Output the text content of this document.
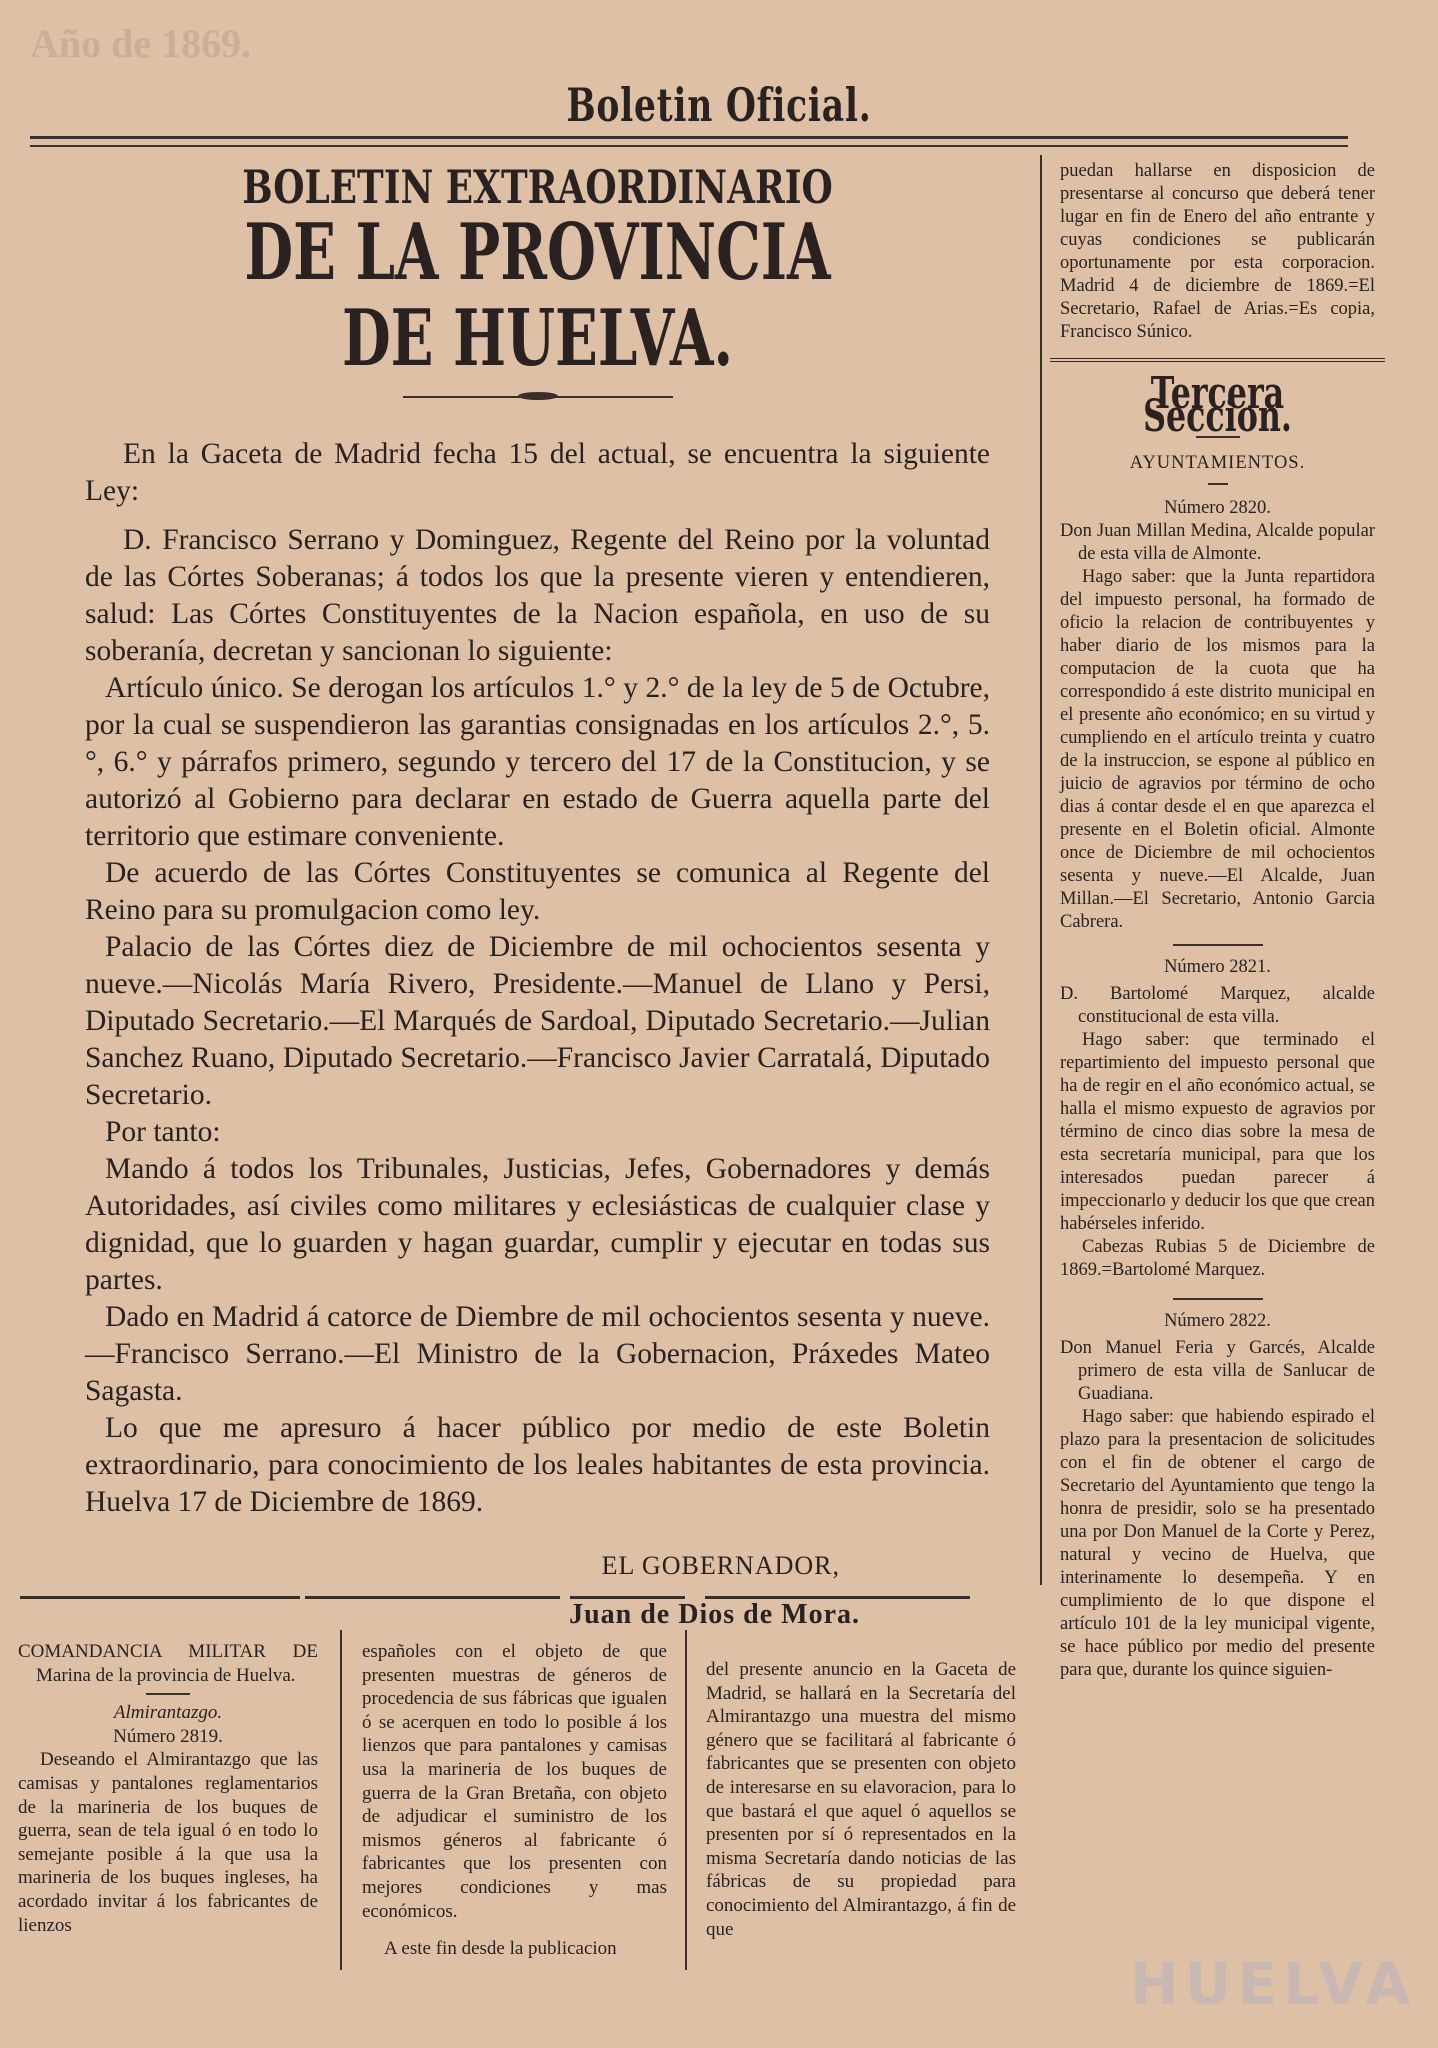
Año de 1869.
Boletin Oficial.
BOLETIN EXTRAORDINARIO
DE LA PROVINCIA DE HUELVA.

En la Gaceta de Madrid fecha 15 del actual, se encuentra la siguiente Ley:

D. Francisco Serrano y Dominguez, Regente del Reino por la voluntad de las Córtes Soberanas; á todos los que la presente vieren y entendieren, salud: Las Córtes Constituyentes de la Nacion española, en uso de su soberanía, decretan y sancionan lo siguiente:

Artículo único. Se derogan los artículos 1.° y 2.° de la ley de 5 de Octubre, por la cual se suspendieron las garantias consignadas en los artículos 2.°, 5.°, 6.° y párrafos primero, segundo y tercero del 17 de la Constitucion, y se autorizó al Gobierno para declarar en estado de Guerra aquella parte del territorio que estimare conveniente.

De acuerdo de las Córtes Constituyentes se comunica al Regente del Reino para su promulgacion como ley.

Palacio de las Córtes diez de Diciembre de mil ochocientos sesenta y nueve.—Nicolás María Rivero, Presidente.—Manuel de Llano y Persi, Diputado Secretario.—El Marqués de Sardoal, Diputado Secretario.—Julian Sanchez Ruano, Diputado Secretario.—Francisco Javier Carratalá, Diputado Secretario.

Por tanto:

Mando á todos los Tribunales, Justicias, Jefes, Gobernadores y demás Autoridades, así civiles como militares y eclesiásticas de cualquier clase y dignidad, que lo guarden y hagan guardar, cumplir y ejecutar en todas sus partes.

Dado en Madrid á catorce de Diembre de mil ochocientos sesenta y nueve.—Francisco Serrano.—El Ministro de la Gobernacion, Práxedes Mateo Sagasta.

Lo que me apresuro á hacer público por medio de este Boletin extraordinario, para conocimiento de los leales habitantes de esta provincia. Huelva 17 de Diciembre de 1869.

EL GOBERNADOR,
Juan de Dios de Mora.

puedan hallarse en disposicion de presentarse al concurso que deberá tener lugar en fin de Enero del año entrante y cuyas condiciones se publicarán oportunamente por esta corporacion. Madrid 4 de diciembre de 1869.=El Secretario, Rafael de Arias.=Es copia, Francisco Súnico.

Tercera Seccion.
AYUNTAMIENTOS.
Número 2820.

Don Juan Millan Medina, Alcalde popular de esta villa de Almonte.

Hago saber: que la Junta repartidora del impuesto personal, ha formado de oficio la relacion de contribuyentes y haber diario de los mismos para la computacion de la cuota que ha correspondido á este distrito municipal en el presente año económico; en su virtud y cumpliendo en el artículo treinta y cuatro de la instruccion, se espone al público en juicio de agravios por término de ocho dias á contar desde el en que aparezca el presente en el Boletin oficial. Almonte once de Diciembre de mil ochocientos sesenta y nueve.—El Alcalde, Juan Millan.—El Secretario, Antonio Garcia Cabrera.

Número 2821.

D. Bartolomé Marquez, alcalde constitucional de esta villa.

Hago saber: que terminado el repartimiento del impuesto personal que ha de regir en el año económico actual, se halla el mismo expuesto de agravios por término de cinco dias sobre la mesa de esta secretaría municipal, para que los interesados puedan parecer á impeccionarlo y deducir los que que crean habérseles inferido.

Cabezas Rubias 5 de Diciembre de 1869.=Bartolomé Marquez.

Número 2822.

Don Manuel Feria y Garcés, Alcalde primero de esta villa de Sanlucar de Guadiana.

Hago saber: que habiendo espirado el plazo para la presentacion de solicitudes con el fin de obtener el cargo de Secretario del Ayuntamiento que tengo la honra de presidir, solo se ha presentado una por Don Manuel de la Corte y Perez, natural y vecino de Huelva, que interinamente lo desempeña. Y en cumplimiento de lo que dispone el artículo 101 de la ley municipal vigente, se hace público por medio del presente para que, durante los quince siguien-

COMANDANCIA MILITAR DE Marina de la provincia de Huelva.

Almirantazgo.
Número 2819.

Deseando el Almirantazgo que las camisas y pantalones reglamentarios de la marineria de los buques de guerra, sean de tela igual ó en todo lo semejante posible á la que usa la marineria de los buques ingleses, ha acordado invitar á los fabricantes de lienzos

españoles con el objeto de que presenten muestras de géneros de procedencia de sus fábricas que igualen ó se acerquen en todo lo posible á los lienzos que para pantalones y camisas usa la marineria de los buques de guerra de la Gran Bretaña, con objeto de adjudicar el suministro de los mismos géneros al fabricante ó fabricantes que los presenten con mejores condiciones y mas económicos.

A este fin desde la publicacion

del presente anuncio en la Gaceta de Madrid, se hallará en la Secretaría del Almirantazgo una muestra del mismo género que se facilitará al fabricante ó fabricantes que se presenten con objeto de interesarse en su elavoracion, para lo que bastará el que aquel ó aquellos se presenten por sí ó representados en la misma Secretaría dando noticias de las fábricas de su propiedad para conocimiento del Almirantazgo, á fin de que

HUELVA
